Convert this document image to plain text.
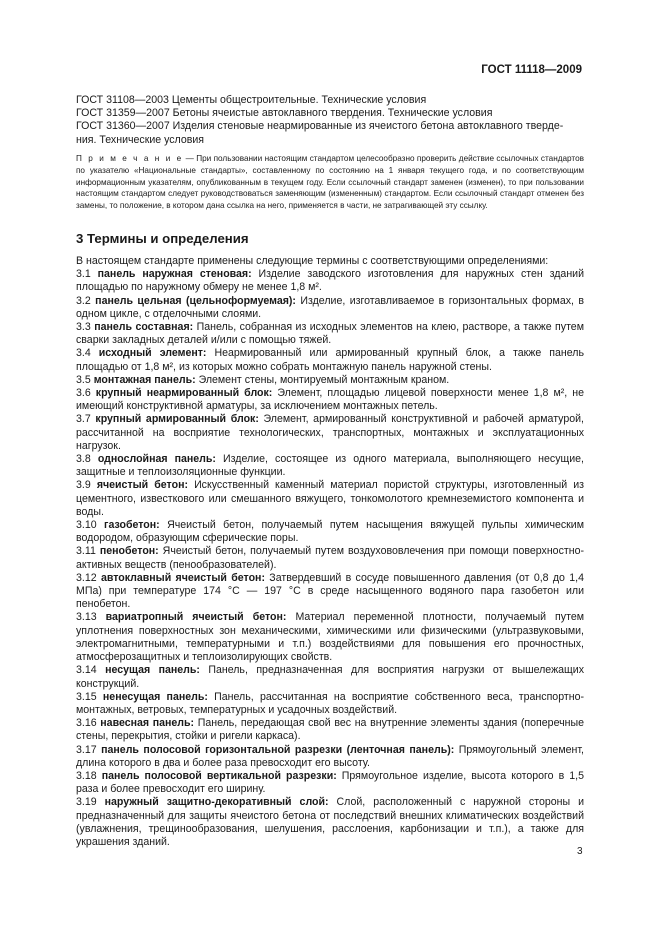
ГОСТ 11118—2009
ГОСТ 31108—2003 Цементы общестроительные. Технические условия
ГОСТ 31359—2007 Бетоны ячеистые автоклавного твердения. Технические условия
ГОСТ 31360—2007 Изделия стеновые неармированные из ячеистого бетона автоклавного тверде-
ния. Технические условия
П р и м е ч а н и е — При пользовании настоящим стандартом целесообразно проверить действие ссылочных стандартов по указателю «Национальные стандарты», составленному по состоянию на 1 января текущего года, и по соответствующим информационным указателям, опубликованным в текущем году. Если ссылочный стандарт заменен (изменен), то при пользовании настоящим стандартом следует руководствоваться заменяющим (измененным) стандартом. Если ссылочный стандарт отменен без замены, то положение, в котором дана ссылка на него, применяется в части, не затрагивающей эту ссылку.
3 Термины и определения
В настоящем стандарте применены следующие термины с соответствующими определениями:
3.1 панель наружная стеновая: Изделие заводского изготовления для наружных стен зданий площадью по наружному обмеру не менее 1,8 м².
3.2 панель цельная (цельноформуемая): Изделие, изготавливаемое в горизонтальных формах, в одном цикле, с отделочными слоями.
3.3 панель составная: Панель, собранная из исходных элементов на клею, растворе, а также путем сварки закладных деталей и/или с помощью тяжей.
3.4 исходный элемент: Неармированный или армированный крупный блок, а также панель площадью от 1,8 м², из которых можно собрать монтажную панель наружной стены.
3.5 монтажная панель: Элемент стены, монтируемый монтажным краном.
3.6 крупный неармированный блок: Элемент, площадью лицевой поверхности менее 1,8 м², не имеющий конструктивной арматуры, за исключением монтажных петель.
3.7 крупный армированный блок: Элемент, армированный конструктивной и рабочей арматурой, рассчитанной на восприятие технологических, транспортных, монтажных и эксплуатационных нагрузок.
3.8 однослойная панель: Изделие, состоящее из одного материала, выполняющего несущие, защитные и теплоизоляционные функции.
3.9 ячеистый бетон: Искусственный каменный материал пористой структуры, изготовленный из цементного, известкового или смешанного вяжущего, тонкомолотого кремнеземистого компонента и воды.
3.10 газобетон: Ячеистый бетон, получаемый путем насыщения вяжущей пульпы химическим водородом, образующим сферические поры.
3.11 пенобетон: Ячеистый бетон, получаемый путем воздухововлечения при помощи поверхностно-активных веществ (пенообразователей).
3.12 автоклавный ячеистый бетон: Затвердевший в сосуде повышенного давления (от 0,8 до 1,4 МПа) при температуре 174 °С — 197 °С в среде насыщенного водяного пара газобетон или пенобетон.
3.13 вариатропный ячеистый бетон: Материал переменной плотности, получаемый путем уплотнения поверхностных зон механическими, химическими или физическими (ультразвуковыми, электромагнитными, температурными и т.п.) воздействиями для повышения его прочностных, атмосферозащитных и теплоизолирующих свойств.
3.14 несущая панель: Панель, предназначенная для восприятия нагрузки от вышележащих конструкций.
3.15 ненесущая панель: Панель, рассчитанная на восприятие собственного веса, транспортно-монтажных, ветровых, температурных и усадочных воздействий.
3.16 навесная панель: Панель, передающая свой вес на внутренние элементы здания (поперечные стены, перекрытия, стойки и ригели каркаса).
3.17 панель полосовой горизонтальной разрезки (ленточная панель): Прямоугольный элемент, длина которого в два и более раза превосходит его высоту.
3.18 панель полосовой вертикальной разрезки: Прямоугольное изделие, высота которого в 1,5 раза и более превосходит его ширину.
3.19 наружный защитно-декоративный слой: Слой, расположенный с наружной стороны и предназначенный для защиты ячеистого бетона от последствий внешних климатических воздействий (увлажнения, трещинообразования, шелушения, расслоения, карбонизации и т.п.), а также для украшения зданий.
3
